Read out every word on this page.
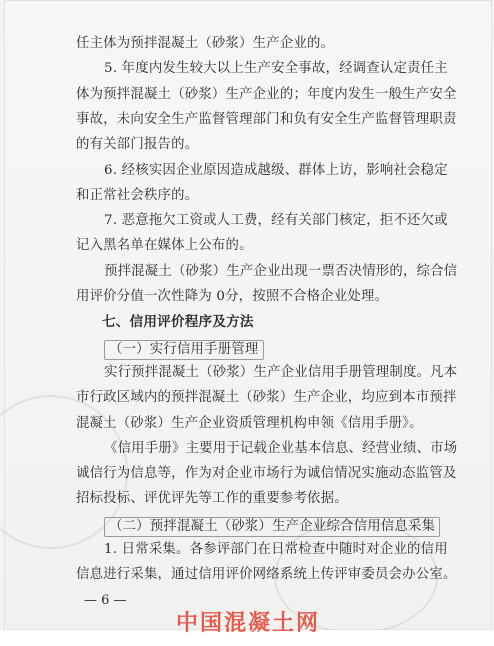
（二）预拌混凝土（砂浆）生产企业综合信用信息采集
1. 日常采集。各参评部门在日常检查中随时对企业的信用
信息进行采集，通过信用评价网络系统上传评审委员会办公室。
— 6 —
任主体为预拌混凝土（砂浆）生产企业的。
5. 年度内发生较大以上生产安全事故，经调查认定责任主
体为预拌混凝土（砂浆）生产企业的；年度内发生一般生产安全
事故，未向安全生产监督管理部门和负有安全生产监督管理职责
的有关部门报告的。
6. 经核实因企业原因造成越级、群体上访，影响社会稳定
和正常社会秩序的。
7. 恶意拖欠工资或人工费，经有关部门核定，拒不还欠或
记入黑名单在媒体上公布的。
预拌混凝土（砂浆）生产企业出现一票否决情形的，综合信
用评价分值一次性降为 0分，按照不合格企业处理。
七、信用评价程序及方法
（一）实行信用手册管理
实行预拌混凝土（砂浆）生产企业信用手册管理制度。凡本
市行政区域内的预拌混凝土（砂浆）生产企业，均应到本市预拌
混凝土（砂浆）生产企业资质管理机构申领《信用手册》。
《信用手册》主要用于记载企业基本信息、经营业绩、市场
诚信行为信息等，作为对企业市场行为诚信情况实施动态监管及
招标投标、评优评先等工作的重要参考依据。
中国混凝土网
